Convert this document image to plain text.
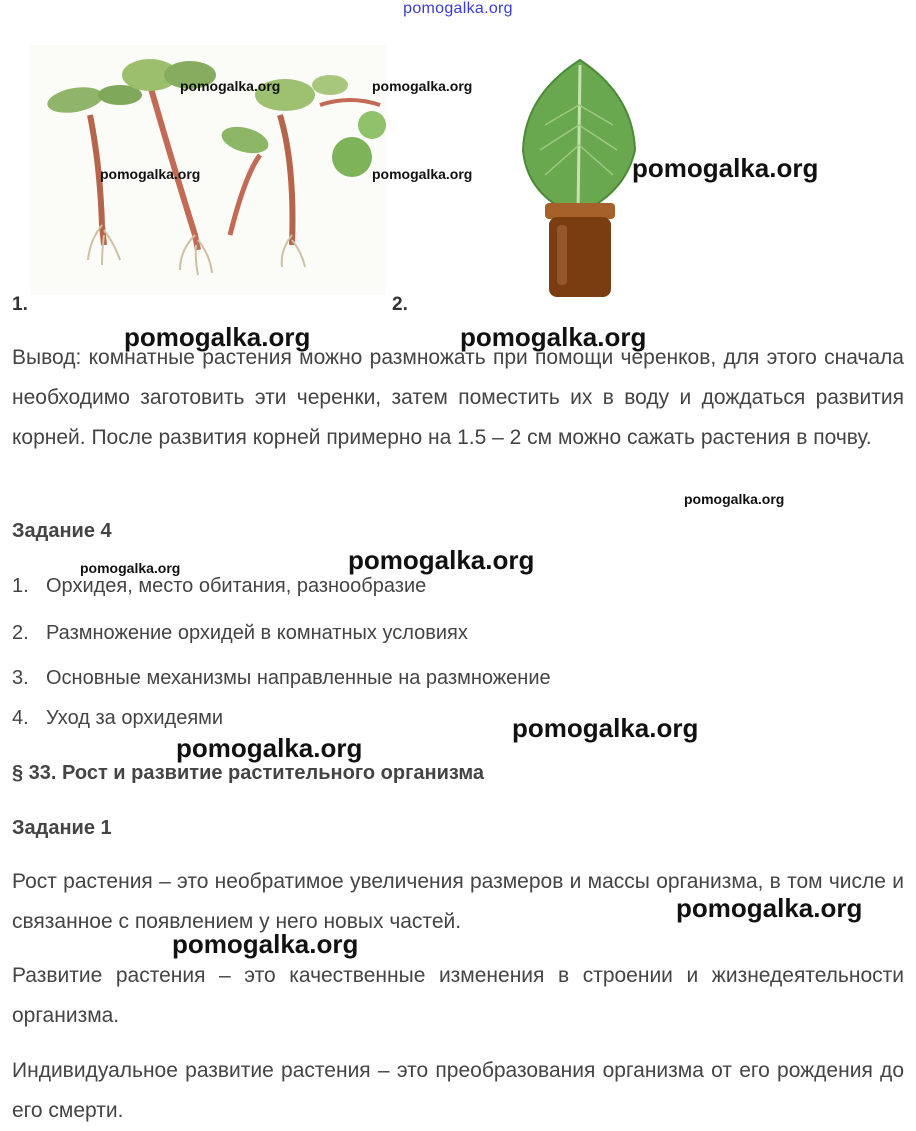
pomogalka.org
1.	2.
Вывод: комнатные растения можно размножать при помощи черенков, для этого сначала необходимо заготовить эти черенки, затем поместить их в воду и дождаться развития корней. После развития корней примерно на 1.5 – 2 см можно сажать растения в почву.
Задание 4
1. Орхидея, место обитания, разнообразие
2. Размножение орхидей в комнатных условиях
3. Основные механизмы направленные на размножение
4. Уход за орхидеями
§ 33. Рост и развитие растительного организма
Задание 1
Рост растения – это необратимое увеличения размеров и массы организма, в том числе и связанное с появлением у него новых частей.
Развитие растения – это качественные изменения в строении и жизнедеятельности организма.
Индивидуальное развитие растения – это преобразования организма от его рождения до его смерти.
pomogalka.org	pomogalka.org
pomogalka.org	pomogalka.org	pomogalka.org
pomogalka.org	pomogalka.org
pomogalka.org
pomogalka.org	pomogalka.org
pomogalka.org
pomogalka.org
pomogalka.org
pomogalka.org
